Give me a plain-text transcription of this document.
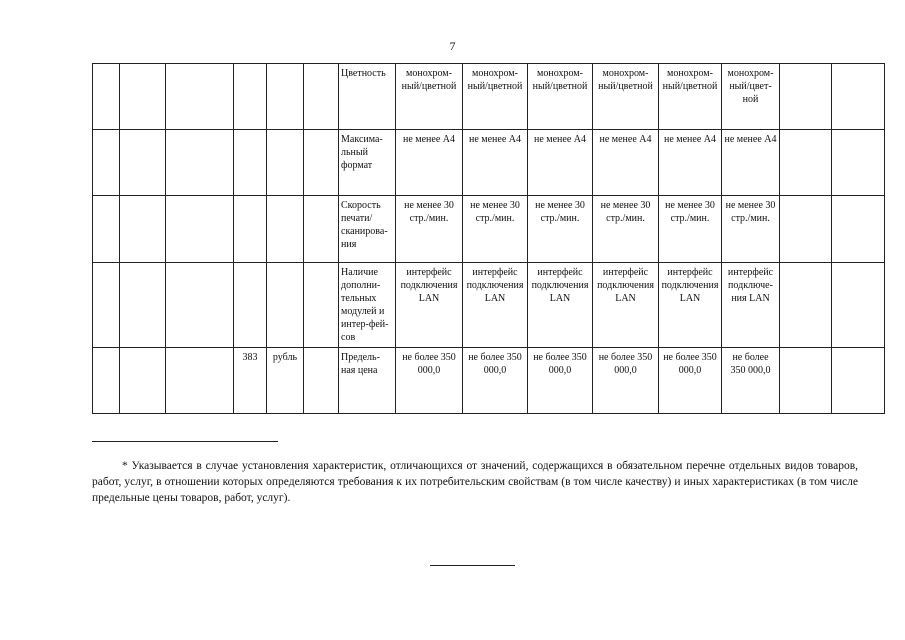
7
						Цветность	монохром-ный/цветной	монохром-ный/цветной	монохром-ный/цветной	монохром-ный/цветной	монохром-ный/цветной	монохром-ный/цвет-ной		
						Максима-льный формат	не менее А4	не менее А4	не менее А4	не менее А4	не менее А4	не менее А4		
						Скорость печати/ сканирова-ния	не менее 30 стр./мин.	не менее 30 стр./мин.	не менее 30 стр./мин.	не менее 30 стр./мин.	не менее 30 стр./мин.	не менее 30 стр./мин.		
						Наличие дополни-тельных модулей и интер-фей-сов	интерфейс подключения LAN	интерфейс подключения LAN	интерфейс подключения LAN	интерфейс подключения LAN	интерфейс подключения LAN	интерфейс подключе-ния LAN		
			383	рубль		Предель-ная цена	не более 350 000,0	не более 350 000,0	не более 350 000,0	не более 350 000,0	не более 350 000,0	не более 350 000,0		
* Указывается в случае установления характеристик, отличающихся от значений, содержащихся в обязательном перечне отдельных видов товаров, работ, услуг, в отношении которых определяются требования к их потребительским свойствам (в том числе качеству) и иных характеристиках (в том числе предельные цены товаров, работ, услуг).
